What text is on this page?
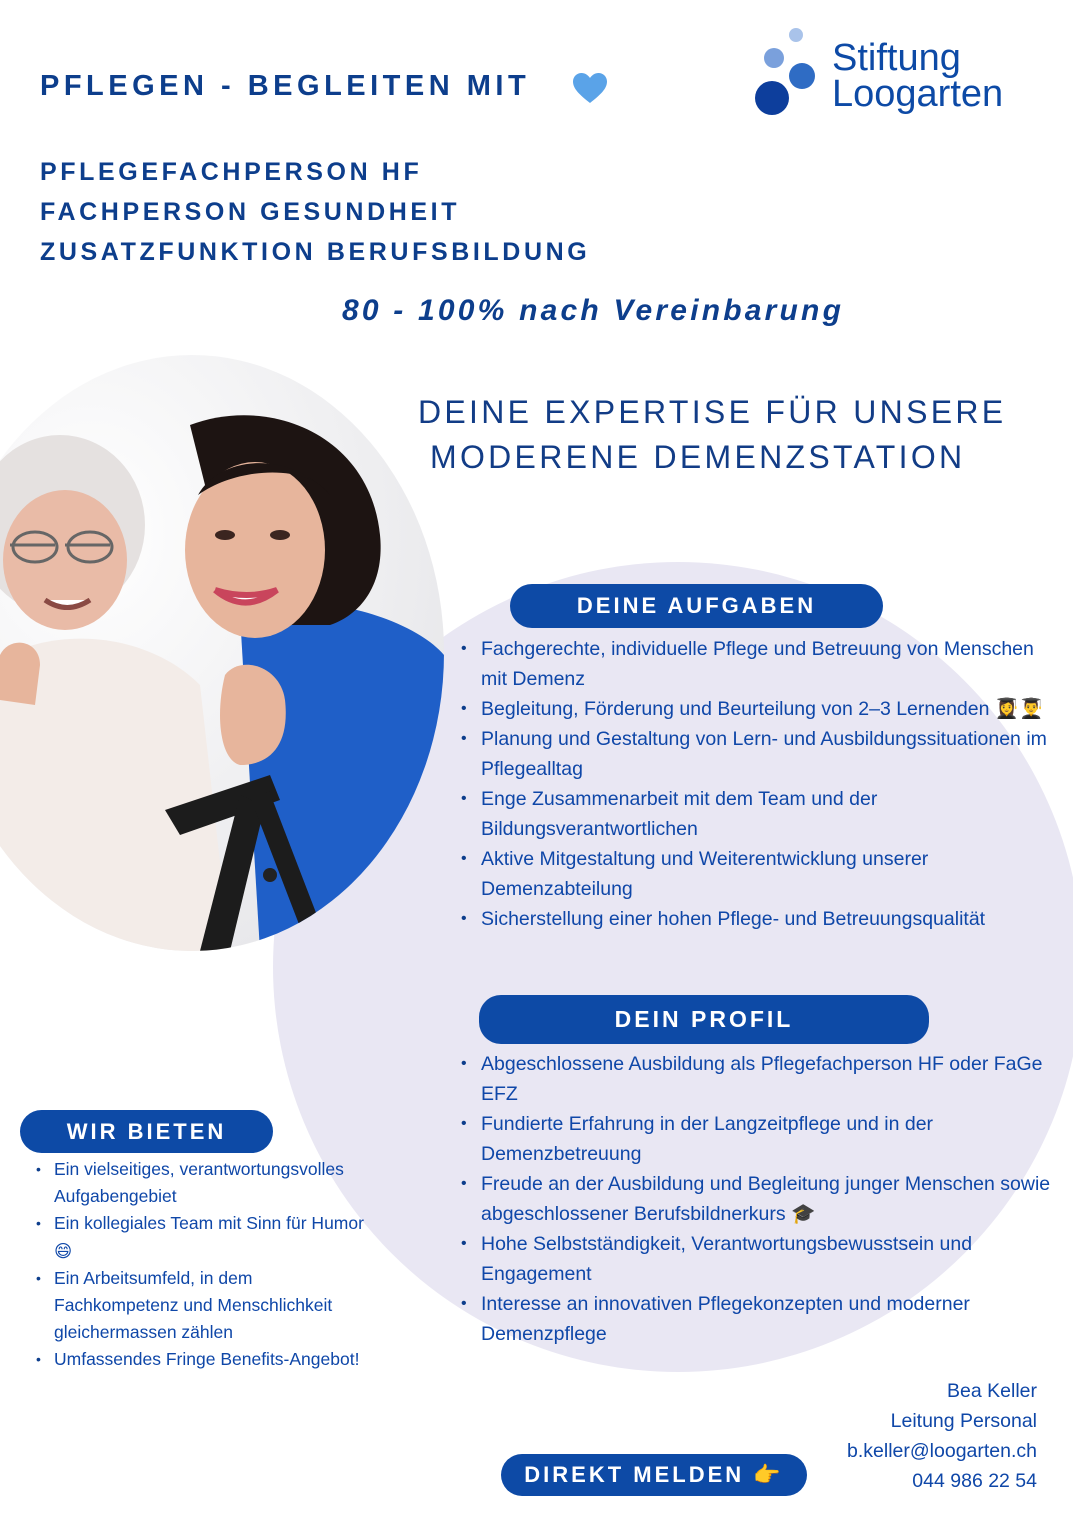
PFLEGEN - BEGLEITEN MIT
Stiftung
Loogarten
PFLEGEFACHPERSON HF
FACHPERSON GESUNDHEIT
ZUSATZFUNKTION BERUFSBILDUNG
80 - 100% nach Vereinbarung
DEINE EXPERTISE FÜR UNSERE
MODERENE DEMENZSTATION
DEINE AUFGABEN
• Fachgerechte, individuelle Pflege und Betreuung von Menschen mit Demenz
• Begleitung, Förderung und Beurteilung von 2–3 Lernenden 👩‍🎓👨‍🎓
• Planung und Gestaltung von Lern- und Ausbildungssituationen im Pflegealltag
• Enge Zusammenarbeit mit dem Team und der Bildungsverantwortlichen
• Aktive Mitgestaltung und Weiterentwicklung unserer Demenzabteilung
• Sicherstellung einer hohen Pflege- und Betreuungsqualität
DEIN PROFIL
• Abgeschlossene Ausbildung als Pflegefachperson HF oder FaGe EFZ
• Fundierte Erfahrung in der Langzeitpflege und in der Demenzbetreuung
• Freude an der Ausbildung und Begleitung junger Menschen sowie abgeschlossener Berufsbildnerkurs 🎓
• Hohe Selbstständigkeit, Verantwortungsbewusstsein und Engagement
• Interesse an innovativen Pflegekonzepten und moderner Demenzpflege
WIR BIETEN
• Ein vielseitiges, verantwortungsvolles Aufgabengebiet
• Ein kollegiales Team mit Sinn für Humor 😄
• Ein Arbeitsumfeld, in dem Fachkompetenz und Menschlichkeit gleichermassen zählen
• Umfassendes Fringe Benefits-Angebot!
Bea Keller
Leitung Personal
b.keller@loogarten.ch
044 986 22 54
DIREKT MELDEN 👉
